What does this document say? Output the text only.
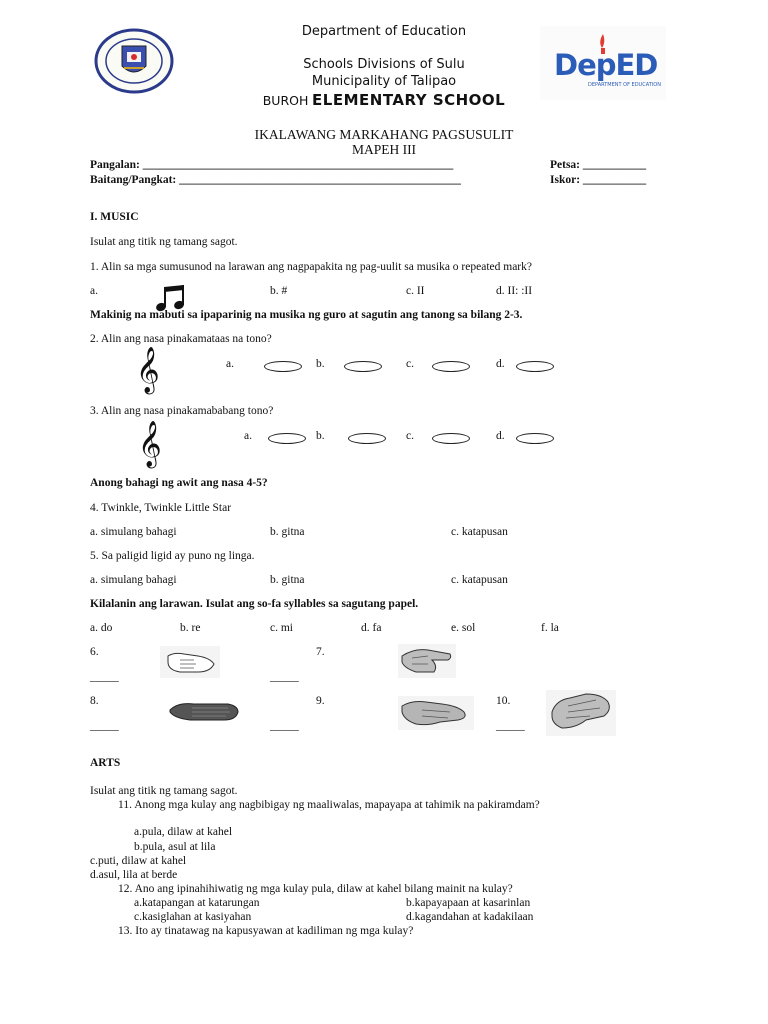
Department of Education
Schools Divisions of Sulu
Municipality of Talipao
BUROH ELEMENTARY SCHOOL
DepED
DEPARTMENT OF EDUCATION
IKALAWANG MARKAHANG PAGSUSULIT
MAPEH III
Pangalan: ______________________________________________________	Petsa: ___________
Baitang/Pangkat: _________________________________________________	Iskor: ___________
I. MUSIC
Isulat ang titik ng tamang sagot.
1. Alin sa mga sumusunod na larawan ang nagpapakita ng pag-uulit sa musika o repeated mark?
a.	b. #	c. II	d. II: :II
Makinig na mabuti sa ipaparinig na musika ng guro at sagutin ang tanong sa bilang 2-3.
2. Alin ang nasa pinakamataas na tono?
𝄞	a.	b.	c.	d.
3. Alin ang nasa pinakamababang tono?
𝄞	a.	b.	c.	d.
Anong bahagi ng awit ang nasa 4-5?
4. Twinkle, Twinkle Little Star
a. simulang bahagi	b. gitna	c. katapusan
5. Sa paligid ligid ay puno ng linga.
a. simulang bahagi	b. gitna	c. katapusan
Kilalanin ang larawan. Isulat ang so-fa syllables sa sagutang papel.
a. do	b. re	c. mi	d. fa	e. sol	f. la
6.
_____
7.
_____
8.
_____
9.
_____
10.
_____
ARTS
Isulat ang titik ng tamang sagot.
11. Anong mga kulay ang nagbibigay ng maaliwalas, mapayapa at tahimik na pakiramdam?
a.pula, dilaw at kahel
b.pula, asul at lila
c.puti, dilaw at kahel
d.asul, lila at berde
12. Ano ang ipinahihiwatig ng mga kulay pula, dilaw at kahel bilang mainit na kulay?
a.katapangan at katarungan	b.kapayapaan at kasarinlan
c.kasiglahan at kasiyahan	d.kagandahan at kadakilaan
13. Ito ay tinatawag na kapusyawan at kadiliman ng mga kulay?
